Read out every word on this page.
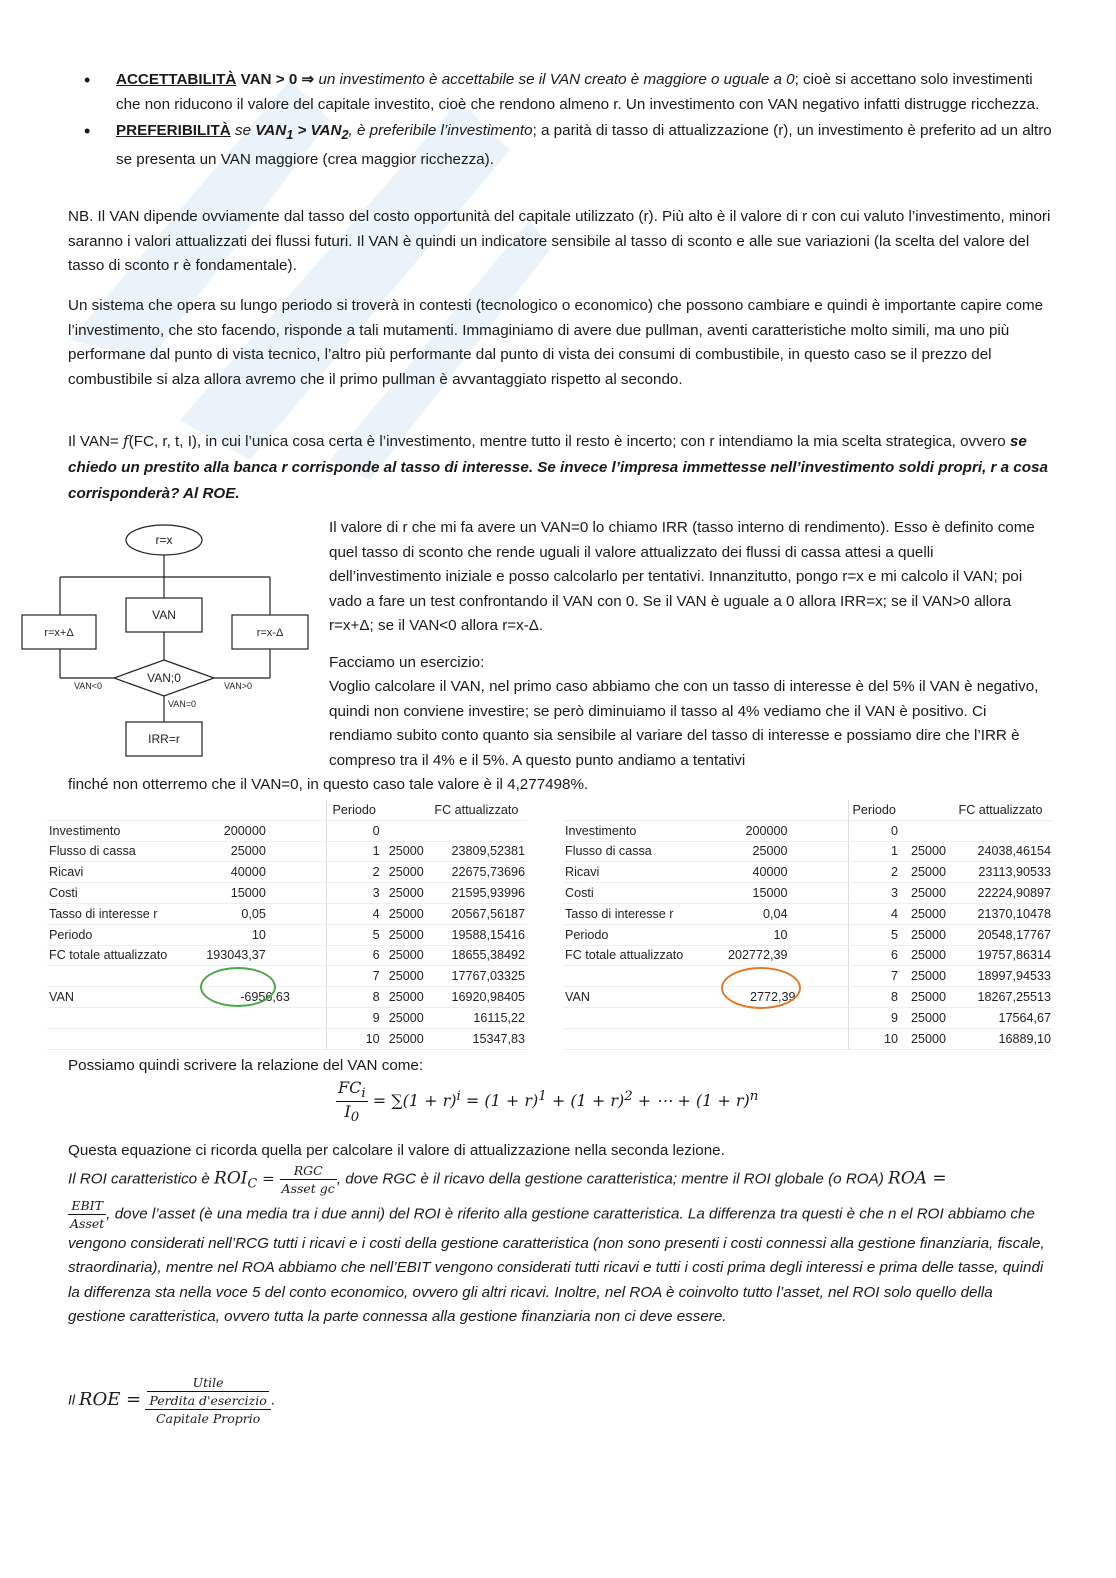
• ACCETTABILITÀ VAN > 0 ⇒ un investimento è accettabile se il VAN creato è maggiore o uguale a 0; cioè si accettano solo investimenti che non riducono il valore del capitale investito, cioè che rendono almeno r. Un investimento con VAN negativo infatti distrugge ricchezza.
• PREFERIBILITÀ se $VAN_1 > VAN_2$, è preferibile l’investimento; a parità di tasso di attualizzazione (r), un investimento è preferito ad un altro se presenta un VAN maggiore (crea maggior ricchezza).

NB. Il VAN dipende ovviamente dal tasso del costo opportunità del capitale utilizzato (r). Più alto è il valore di r con cui valuto l’investimento, minori saranno i valori attualizzati dei flussi futuri. Il VAN è quindi un indicatore sensibile al tasso di sconto e alle sue variazioni (la scelta del valore del tasso di sconto r è fondamentale).

Un sistema che opera su lungo periodo si troverà in contesti (tecnologico o economico) che possono cambiare e quindi è importante capire come l’investimento, che sto facendo, risponde a tali mutamenti. Immaginiamo di avere due pullman, aventi caratteristiche molto simili, ma uno più performane dal punto di vista tecnico, l’altro più performante dal punto di vista dei consumi di combustibile, in questo caso se il prezzo del combustibile si alza allora avremo che il primo pullman è avvantaggiato rispetto al secondo.

Il VAN= f(FC, r, t, I), in cui l’unica cosa certa è l’investimento, mentre tutto il resto è incerto; con r intendiamo la mia scelta strategica, ovvero se chiedo un prestito alla banca r corrisponde al tasso di interesse. Se invece l’impresa immettesse nell’investimento soldi propri, r a cosa corrisponderà? Al ROE.

r=x
VAN
r=x+Δ	r=x-Δ
VAN;0
VAN<0	VAN>0
VAN=0
IRR=r

Il valore di r che mi fa avere un VAN=0 lo chiamo IRR (tasso interno di rendimento). Esso è definito come quel tasso di sconto che rende uguali il valore attualizzato dei flussi di cassa attesi a quelli dell’investimento iniziale e posso calcolarlo per tentativi. Innanzitutto, pongo r=x e mi calcolo il VAN; poi vado a fare un test confrontando il VAN con 0. Se il VAN è uguale a 0 allora IRR=x; se il VAN>0 allora r=x+Δ; se il VAN<0 allora r=x-Δ.

Facciamo un esercizio:

Voglio calcolare il VAN, nel primo caso abbiamo che con un tasso di interesse è del 5% il VAN è negativo, quindi non conviene investire; se però diminuiamo il tasso al 4% vediamo che il VAN è positivo. Ci rendiamo subito conto quanto sia sensibile al variare del tasso di interesse e possiamo dire che l’IRR è compreso tra il 4% e il 5%. A questo punto andiamo a tentativi

finché non otterremo che il VAN=0, in questo caso tale valore è il 4,277498%.

		Periodo		FC attualizzato
Investimento	200000	0		
Flusso di cassa	25000	1	25000	23809,52381
Ricavi	40000	2	25000	22675,73696
Costi	15000	3	25000	21595,93996
Tasso di interesse r	0,05	4	25000	20567,56187
Periodo	10	5	25000	19588,15416
FC totale attualizzato	193043,37	6	25000	18655,38492
		7	25000	17767,03325
VAN	-6956,63	8	25000	16920,98405
		9	25000	16115,22
		10	25000	15347,83
		Periodo		FC attualizzato
Investimento	200000	0		
Flusso di cassa	25000	1	25000	24038,46154
Ricavi	40000	2	25000	23113,90533
Costi	15000	3	25000	22224,90897
Tasso di interesse r	0,04	4	25000	21370,10478
Periodo	10	5	25000	20548,17767
FC totale attualizzato	202772,39	6	25000	19757,86314
		7	25000	18997,94533
VAN	2772,39	8	25000	18267,25513
		9	25000	17564,67
		10	25000	16889,10

Possiamo quindi scrivere la relazione del VAN come:

$\frac{FC_i}{I_0} = \sum(1 + r)^i = (1 + r)^1 + (1 + r)^2$ + ⋯ + $(1 + r)^n$

Questa equazione ci ricorda quella per calcolare il valore di attualizzazione nella seconda lezione.

Il ROI caratteristico è $ROI_C = \frac{\text{RGC}}{\text{Asset gc}}$ , dove RGC è il ricavo della gestione caratteristica; mentre il ROI globale (o ROA) ROA =

$\frac{\text{EBIT}}{\text{Asset}}$ , dove l’asset (è una media tra i due anni) del ROI è riferito alla gestione caratteristica. La differenza tra questi è che n el ROI abbiamo che vengono considerati nell’RCG tutti i ricavi e i costi della gestione caratteristica (non sono presenti i costi connessi alla gestione finanziaria, fiscale, straordinaria), mentre nel ROA abbiamo che nell’EBIT vengono considerati tutti ricavi e tutti i costi prima degli interessi e prima delle tasse, quindi la differenza sta nella voce 5 del conto economico, ovvero gli altri ricavi. Inoltre, nel ROA è coinvolto tutto l’asset, nel ROI solo quello della gestione caratteristica, ovvero tutta la parte connessa alla gestione finanziaria non ci deve essere.
Il ROE = $\frac{\frac{\text{Utile}}{\text{Perdita d'esercizio}}}{\text{Capitale Proprio}}$ .
